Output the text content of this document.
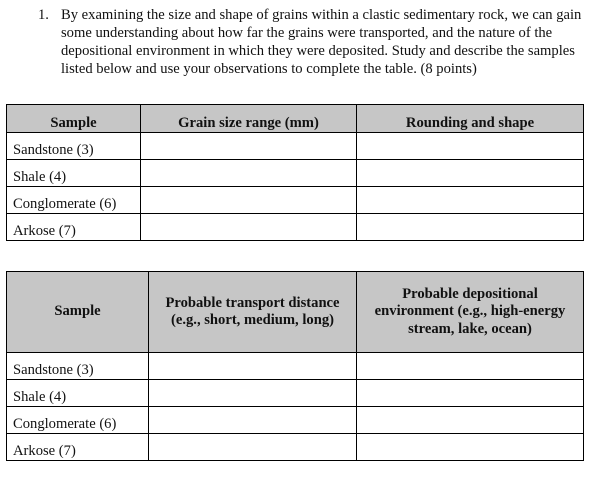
1. By examining the size and shape of grains within a clastic sedimentary rock, we can gain some understanding about how far the grains were transported, and the nature of the depositional environment in which they were deposited. Study and describe the samples listed below and use your observations to complete the table. (8 points)
Sample	Grain size range (mm)	Rounding and shape
Sandstone (3)		
Shale (4)		
Conglomerate (6)		
Arkose (7)		
Sample	Probable transport distance (e.g., short, medium, long)	Probable depositional environment (e.g., high-energy stream, lake, ocean)
Sandstone (3)		
Shale (4)		
Conglomerate (6)		
Arkose (7)		
